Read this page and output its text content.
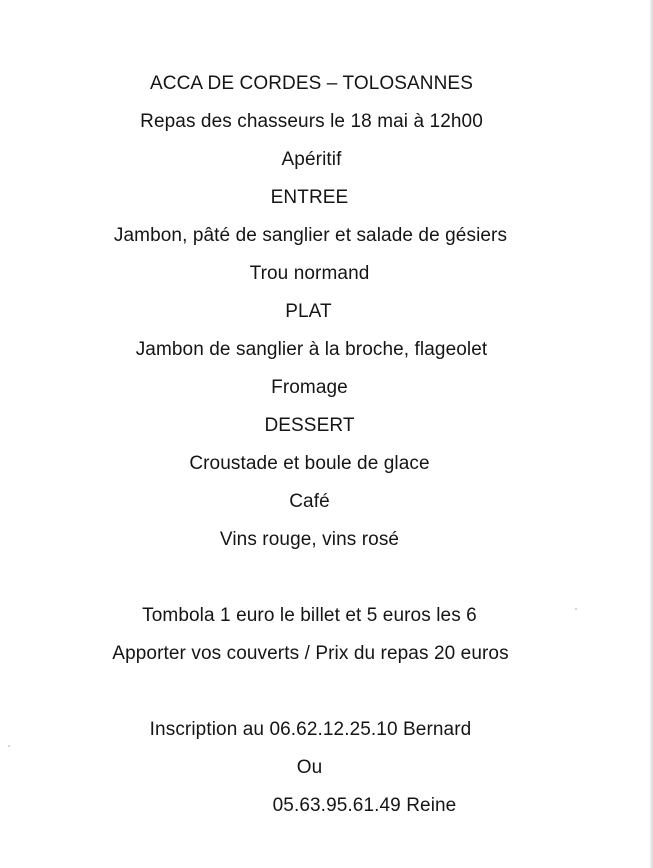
ACCA DE CORDES – TOLOSANNES
Repas des chasseurs le 18 mai à 12h00
Apéritif
ENTREE
Jambon, pâté de sanglier et salade de gésiers
Trou normand
PLAT
Jambon de sanglier à la broche, flageolet
Fromage
DESSERT
Croustade et boule de glace
Café
Vins rouge, vins rosé
Tombola 1 euro le billet et 5 euros les 6
Apporter vos couverts / Prix du repas 20 euros
Inscription au 06.62.12.25.10 Bernard
Ou
05.63.95.61.49 Reine
